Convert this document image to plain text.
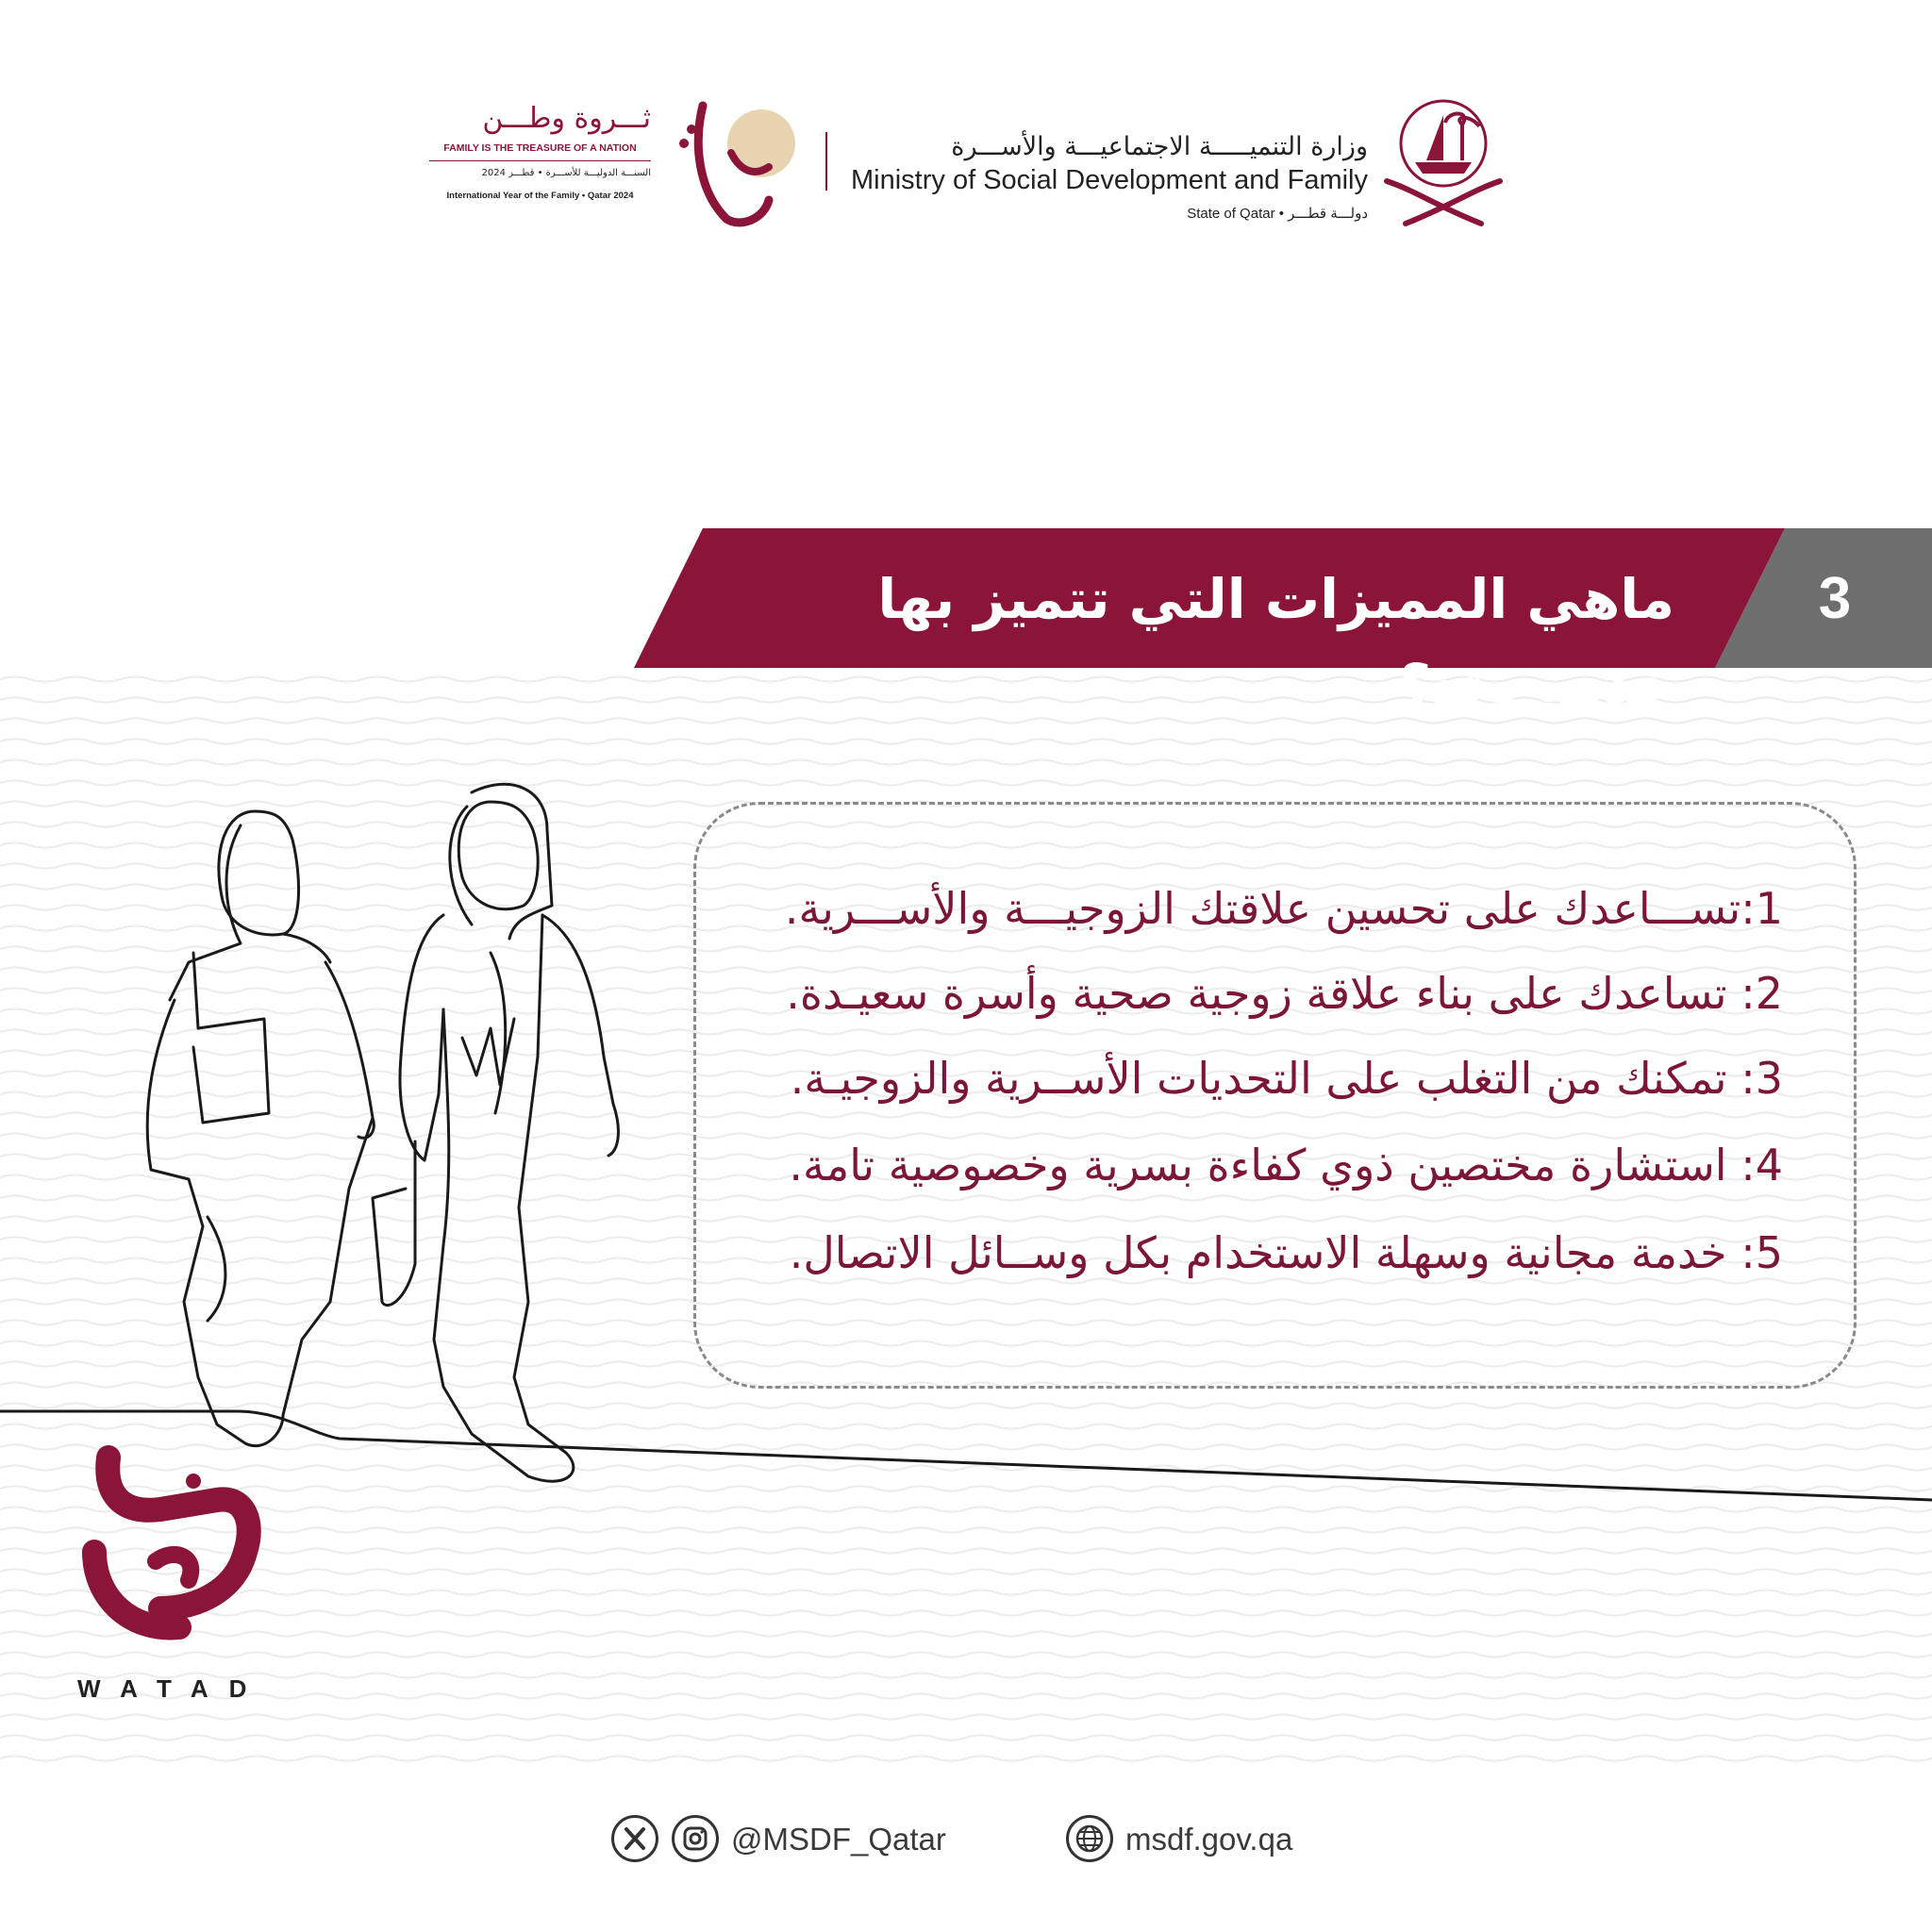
ثـــروة وطـــن
FAMILY IS THE TREASURE OF A NATION
السنـــة الدوليـــة للأســـرة • قطـــر 2024
International Year of the Family • Qatar 2024
وزارة التنميـــــة الاجتماعيـــة والأســـرة
Ministry of Social Development and Family
State of Qatar • دولـــة قطـــر
ماهي المميزات التي تتميز بها خدمة وتد؟
3
1:تســـاعدك على تحسين علاقتك الزوجيـــة والأســـرية.
2: تساعدك على بناء علاقة زوجية صحية وأسرة سعيـدة.
3: تمكنك من التغلب على التحديات الأســرية والزوجيـة.
4: استشارة مختصين ذوي كفاءة بسرية وخصوصية تامة.
5: خدمة مجانية وسهلة الاستخدام بكل وســائل الاتصال.
WATAD
@MSDF_Qatar	msdf.gov.qa
